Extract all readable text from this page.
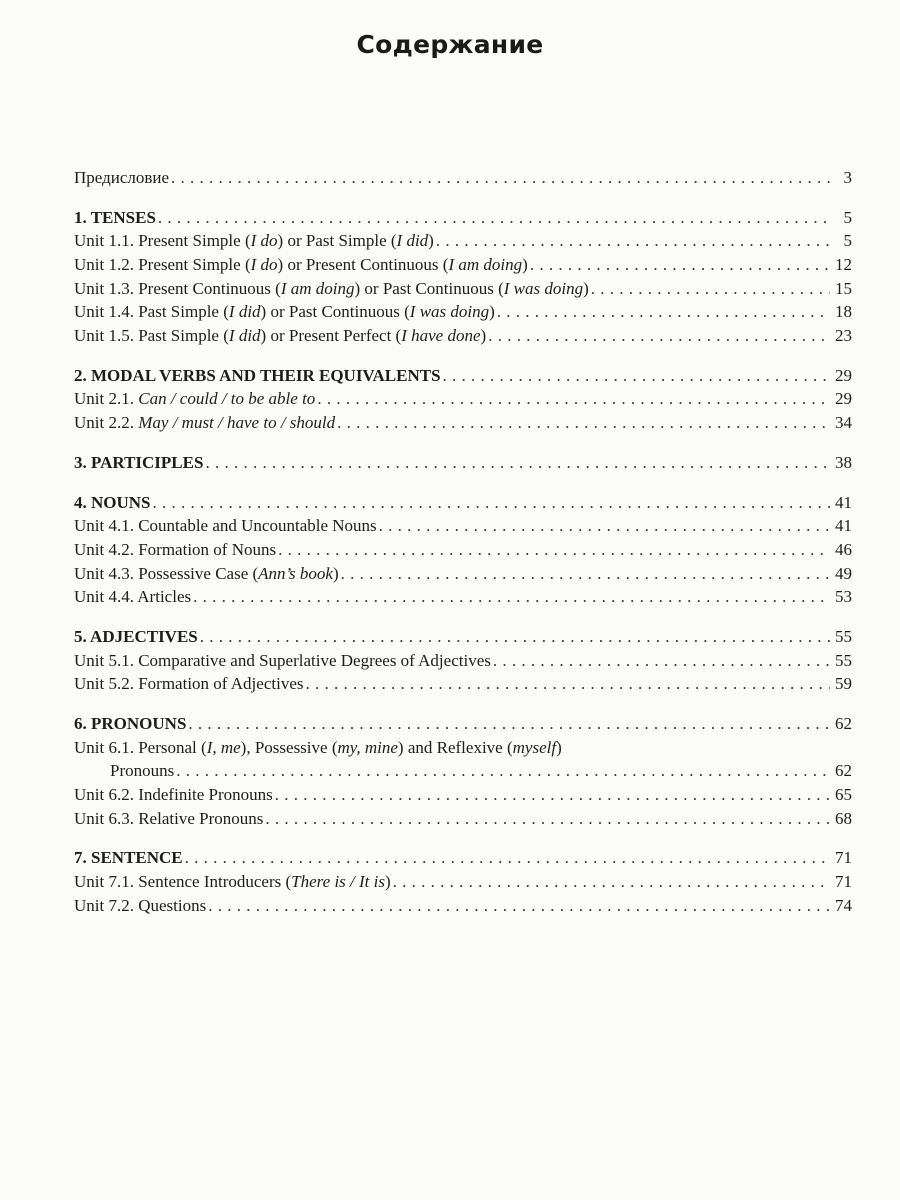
Содержание
Предисловие . . .	3
1. TENSES . . .	5
Unit 1.1. Present Simple (I do) or Past Simple (I did) . . .	5
Unit 1.2. Present Simple (I do) or Present Continuous (I am doing) . . .	12
Unit 1.3. Present Continuous (I am doing) or Past Continuous (I was doing) . . .	15
Unit 1.4. Past Simple (I did) or Past Continuous (I was doing) . . .	18
Unit 1.5. Past Simple (I did) or Present Perfect (I have done) . . .	23
2. MODAL VERBS AND THEIR EQUIVALENTS . . .	29
Unit 2.1. Can / could / to be able to . . .	29
Unit 2.2. May / must / have to / should . . .	34
3. PARTICIPLES . . .	38
4. NOUNS . . .	41
Unit 4.1. Countable and Uncountable Nouns . . .	41
Unit 4.2. Formation of Nouns . . .	46
Unit 4.3. Possessive Case (Ann’s book) . . .	49
Unit 4.4. Articles . . .	53
5. ADJECTIVES . . .	55
Unit 5.1. Comparative and Superlative Degrees of Adjectives . . .	55
Unit 5.2. Formation of Adjectives . . .	59
6. PRONOUNS . . .	62
Unit 6.1. Personal (I, me), Possessive (my, mine) and Reflexive (myself)
Pronouns . . .	62
Unit 6.2. Indefinite Pronouns . . .	65
Unit 6.3. Relative Pronouns . . .	68
7. SENTENCE . . .	71
Unit 7.1. Sentence Introducers (There is / It is) . . .	71
Unit 7.2. Questions . . .	74
